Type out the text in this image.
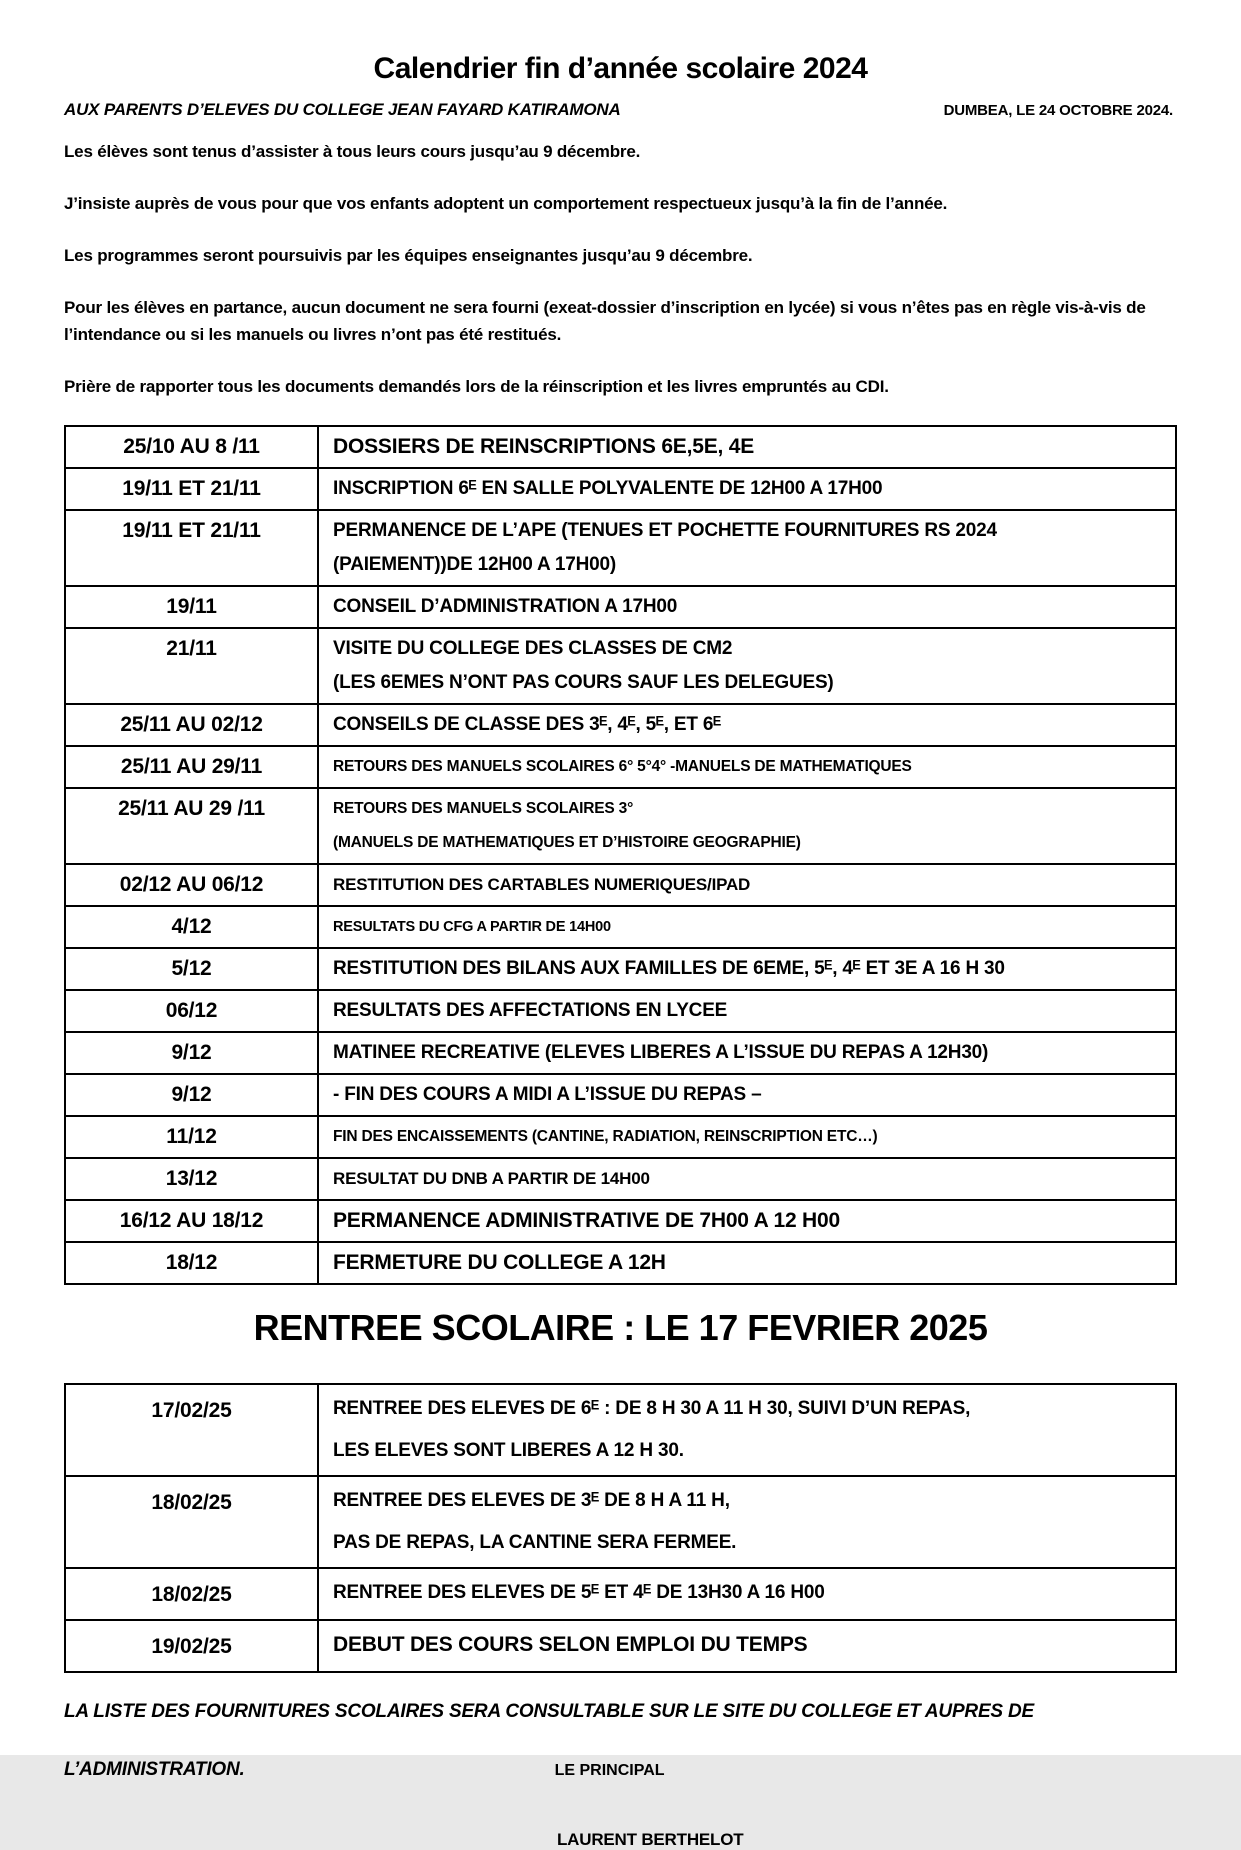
Calendrier fin d’année scolaire 2024
AUX PARENTS D’ELEVES DU COLLEGE JEAN FAYARD KATIRAMONA	DUMBEA, LE 24 OCTOBRE 2024.

Les élèves sont tenus d’assister à tous leurs cours jusqu’au 9 décembre.

J’insiste auprès de vous pour que vos enfants adoptent un comportement respectueux jusqu’à la fin de l’année.

Les programmes seront poursuivis par les équipes enseignantes jusqu’au 9 décembre.

Pour les élèves en partance, aucun document ne sera fourni (exeat-dossier d’inscription en lycée) si vous n’êtes pas en règle vis-à-vis de l’intendance ou si les manuels ou livres n’ont pas été restitués.

Prière de rapporter tous les documents demandés lors de la réinscription et les livres empruntés au CDI.

25/10 AU 8 /11	DOSSIERS DE REINSCRIPTIONS 6E,5E, 4E

19/11 ET 21/11	INSCRIPTION 6ᴱ EN SALLE POLYVALENTE DE 12H00 A 17H00

19/11 ET 21/11	PERMANENCE DE L’APE (TENUES ET POCHETTE FOURNITURES RS 2024
(PAIEMENT))DE 12H00 A 17H00)

19/11	CONSEIL D’ADMINISTRATION A 17H00

21/11	VISITE DU COLLEGE DES CLASSES DE CM2
(LES 6EMES N’ONT PAS COURS SAUF LES DELEGUES)

25/11 AU 02/12	CONSEILS DE CLASSE DES 3ᴱ, 4ᴱ, 5ᴱ, ET 6ᴱ

25/11 AU 29/11	RETOURS DES MANUELS SCOLAIRES 6° 5°4° -MANUELS DE MATHEMATIQUES

25/11 AU 29 /11	RETOURS DES MANUELS SCOLAIRES 3°
(MANUELS DE MATHEMATIQUES ET D’HISTOIRE GEOGRAPHIE)

02/12 AU 06/12	RESTITUTION DES CARTABLES NUMERIQUES/IPAD

4/12	RESULTATS DU CFG A PARTIR DE 14H00

5/12	RESTITUTION DES BILANS AUX FAMILLES DE 6EME, 5ᴱ, 4ᴱ ET 3E A 16 H 30

06/12	RESULTATS DES AFFECTATIONS EN LYCEE

9/12	MATINEE RECREATIVE (ELEVES LIBERES A L’ISSUE DU REPAS A 12H30)

9/12	- FIN DES COURS A MIDI A L’ISSUE DU REPAS –

11/12	FIN DES ENCAISSEMENTS (CANTINE, RADIATION, REINSCRIPTION ETC…)

13/12	RESULTAT DU DNB A PARTIR DE 14H00

16/12 AU 18/12	PERMANENCE ADMINISTRATIVE DE 7H00 A 12 H00

18/12	FERMETURE DU COLLEGE A 12H
RENTREE SCOLAIRE : LE 17 FEVRIER 2025
17/02/25	RENTREE DES ELEVES DE 6ᴱ : DE 8 H 30 A 11 H 30, SUIVI D’UN REPAS,
LES ELEVES SONT LIBERES A 12 H 30.

18/02/25	RENTREE DES ELEVES DE 3ᴱ DE 8 H A 11 H,
PAS DE REPAS, LA CANTINE SERA FERMEE.

18/02/25	RENTREE DES ELEVES DE 5ᴱ ET 4ᴱ DE 13H30 A 16 H00

19/02/25	DEBUT DES COURS SELON EMPLOI DU TEMPS
LA LISTE DES FOURNITURES SCOLAIRES SERA CONSULTABLE SUR LE SITE DU COLLEGE ET AUPRES DE
L’ADMINISTRATION.	LE PRINCIPAL
LAURENT BERTHELOT
